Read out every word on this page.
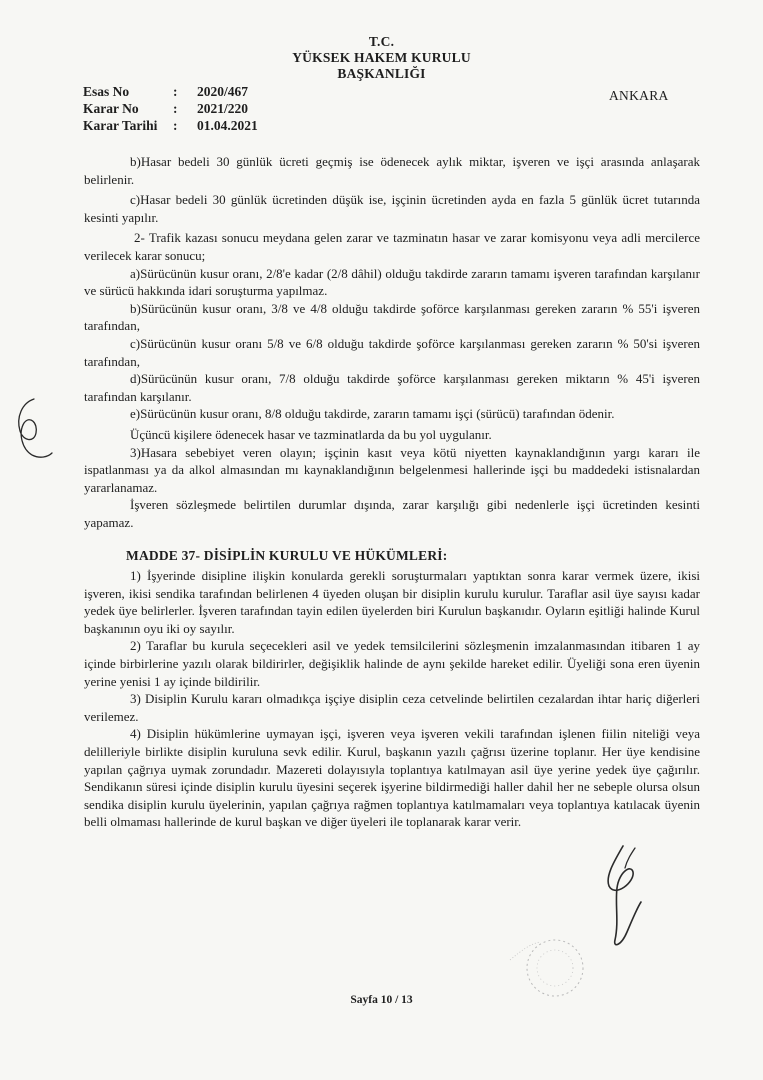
T.C.
YÜKSEK HAKEM KURULU
BAŞKANLIĞI
Esas No	:	2020/467
Karar No	:	2021/220
Karar Tarihi	:	01.04.2021
ANKARA

b)Hasar bedeli 30 günlük ücreti geçmiş ise ödenecek aylık miktar, işveren ve işçi arasında anlaşarak belirlenir.

c)Hasar bedeli 30 günlük ücretinden düşük ise, işçinin ücretinden ayda en fazla 5 günlük ücret tutarında kesinti yapılır.

2- Trafik kazası sonucu meydana gelen zarar ve tazminatın hasar ve zarar komisyonu veya adli mercilerce verilecek karar sonucu;

a)Sürücünün kusur oranı, 2/8'e kadar (2/8 dâhil) olduğu takdirde zararın tamamı işveren tarafından karşılanır ve sürücü hakkında idari soruşturma yapılmaz.

b)Sürücünün kusur oranı, 3/8 ve 4/8 olduğu takdirde şoförce karşılanması gereken zararın % 55'i işveren tarafından,

c)Sürücünün kusur oranı 5/8 ve 6/8 olduğu takdirde şoförce karşılanması gereken zararın % 50'si işveren tarafından,

d)Sürücünün kusur oranı, 7/8 olduğu takdirde şoförce karşılanması gereken miktarın % 45'i işveren tarafından karşılanır.

e)Sürücünün kusur oranı, 8/8 olduğu takdirde, zararın tamamı işçi (sürücü) tarafından ödenir.

Üçüncü kişilere ödenecek hasar ve tazminatlarda da bu yol uygulanır.

3)Hasara sebebiyet veren olayın; işçinin kasıt veya kötü niyetten kaynaklandığının yargı kararı ile ispatlanması ya da alkol almasından mı kaynaklandığının belgelenmesi hallerinde işçi bu maddedeki istisnalardan yararlanamaz.

İşveren sözleşmede belirtilen durumlar dışında, zarar karşılığı gibi nedenlerle işçi ücretinden kesinti yapamaz.

MADDE 37- DİSİPLİN KURULU VE HÜKÜMLERİ:

1) İşyerinde disipline ilişkin konularda gerekli soruşturmaları yaptıktan sonra karar vermek üzere, ikisi işveren, ikisi sendika tarafından belirlenen 4 üyeden oluşan bir disiplin kurulu kurulur. Taraflar asil üye sayısı kadar yedek üye belirlerler. İşveren tarafından tayin edilen üyelerden biri Kurulun başkanıdır. Oyların eşitliği halinde Kurul başkanının oyu iki oy sayılır.

2) Taraflar bu kurula seçecekleri asil ve yedek temsilcilerini sözleşmenin imzalanmasından itibaren 1 ay içinde birbirlerine yazılı olarak bildirirler, değişiklik halinde de aynı şekilde hareket edilir. Üyeliği sona eren üyenin yerine yenisi 1 ay içinde bildirilir.

3) Disiplin Kurulu kararı olmadıkça işçiye disiplin ceza cetvelinde belirtilen cezalardan ihtar hariç diğerleri verilemez.

4) Disiplin hükümlerine uymayan işçi, işveren veya işveren vekili tarafından işlenen fiilin niteliği veya delilleriyle birlikte disiplin kuruluna sevk edilir. Kurul, başkanın yazılı çağrısı üzerine toplanır. Her üye kendisine yapılan çağrıya uymak zorundadır. Mazereti dolayısıyla toplantıya katılmayan asil üye yerine yedek üye çağırılır. Sendikanın süresi içinde disiplin kurulu üyesini seçerek işyerine bildirmediği haller dahil her ne sebeple olursa olsun sendika disiplin kurulu üyelerinin, yapılan çağrıya rağmen toplantıya katılmamaları veya toplantıya katılacak üyenin belli olmaması hallerinde de kurul başkan ve diğer üyeleri ile toplanarak karar verir.

Sayfa 10 / 13
